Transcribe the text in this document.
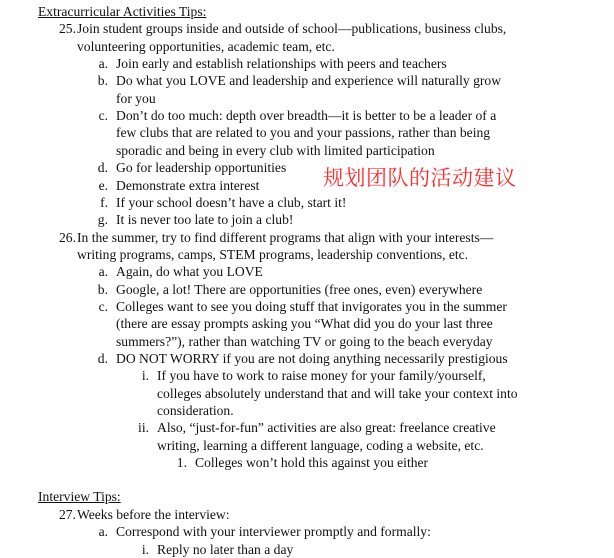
规划团队的活动建议
Extracurricular Activities Tips:
25. Join student groups inside and outside of school—publications, business clubs,
volunteering opportunities, academic team, etc.
a. Join early and establish relationships with peers and teachers
b. Do what you LOVE and leadership and experience will naturally grow
for you
c. Don’t do too much: depth over breadth—it is better to be a leader of a
few clubs that are related to you and your passions, rather than being
sporadic and being in every club with limited participation
d. Go for leadership opportunities
e. Demonstrate extra interest
f. If your school doesn’t have a club, start it!
g. It is never too late to join a club!
26. In the summer, try to find different programs that align with your interests—
writing programs, camps, STEM programs, leadership conventions, etc.
a. Again, do what you LOVE
b. Google, a lot! There are opportunities (free ones, even) everywhere
c. Colleges want to see you doing stuff that invigorates you in the summer
(there are essay prompts asking you “What did you do your last three
summers?”), rather than watching TV or going to the beach everyday
d. DO NOT WORRY if you are not doing anything necessarily prestigious
i. If you have to work to raise money for your family/yourself,
colleges absolutely understand that and will take your context into
consideration.
ii. Also, “just-for-fun” activities are also great: freelance creative
writing, learning a different language, coding a website, etc.
1. Colleges won’t hold this against you either
Interview Tips:
27. Weeks before the interview:
a. Correspond with your interviewer promptly and formally:
i. Reply no later than a day
